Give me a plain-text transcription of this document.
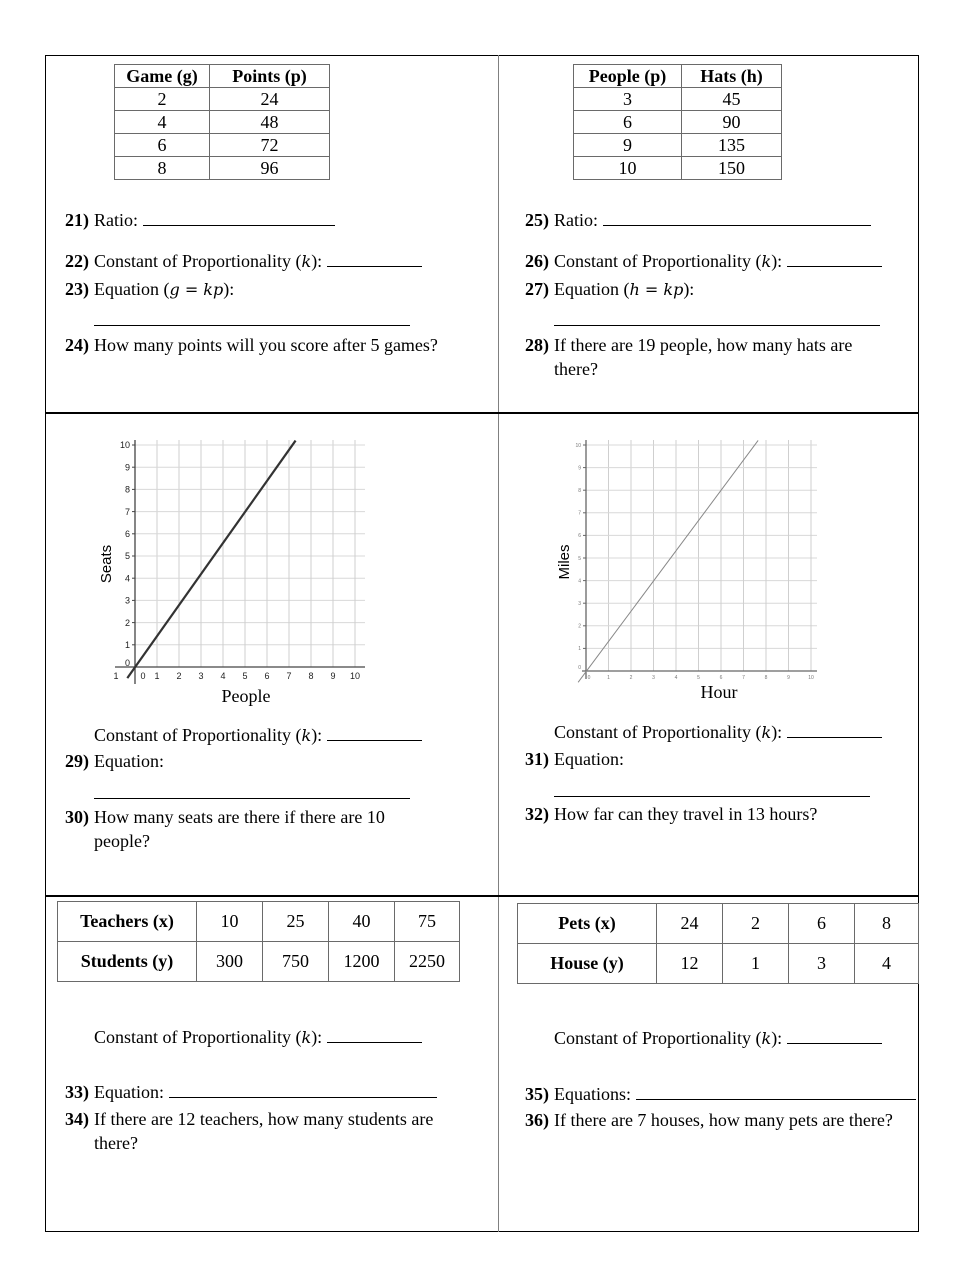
Game (g)	Points (p)
2	24
4	48
6	72
8	96
21) Ratio:
22) Constant of Proportionality (k):
23) Equation (g = kp):
24) How many points will you score after 5 games?
People (p)	Hats (h)
3	45
6	90
9	135
10	150
25) Ratio:
26) Constant of Proportionality (k):
27) Equation (h = kp):
28) If there are 19 people, how many hats are
there?
0
1
2
3
4
5
6
7
8
9
10
1 0 1 2 3 4 5 6 7 8 9 10
People
Seats
Constant of Proportionality (k):
29) Equation:
30) How many seats are there if there are 10
people?
0
1
2
3
4
5
6
7
8
9
10
0	1	2	3	4	5	6	7	8	9	10
Hour
Miles
Constant of Proportionality (k):
31) Equation:
32) How far can they travel in 13 hours?
Teachers (x)	10	25	40	75
Students (y)	300	750	1200	2250
Constant of Proportionality (k):
33) Equation:
34) If there are 12 teachers, how many students are
there?
Pets (x)	24	2	6	8
House (y)	12	1	3	4
Constant of Proportionality (k):
35) Equations:
36) If there are 7 houses, how many pets are there?
